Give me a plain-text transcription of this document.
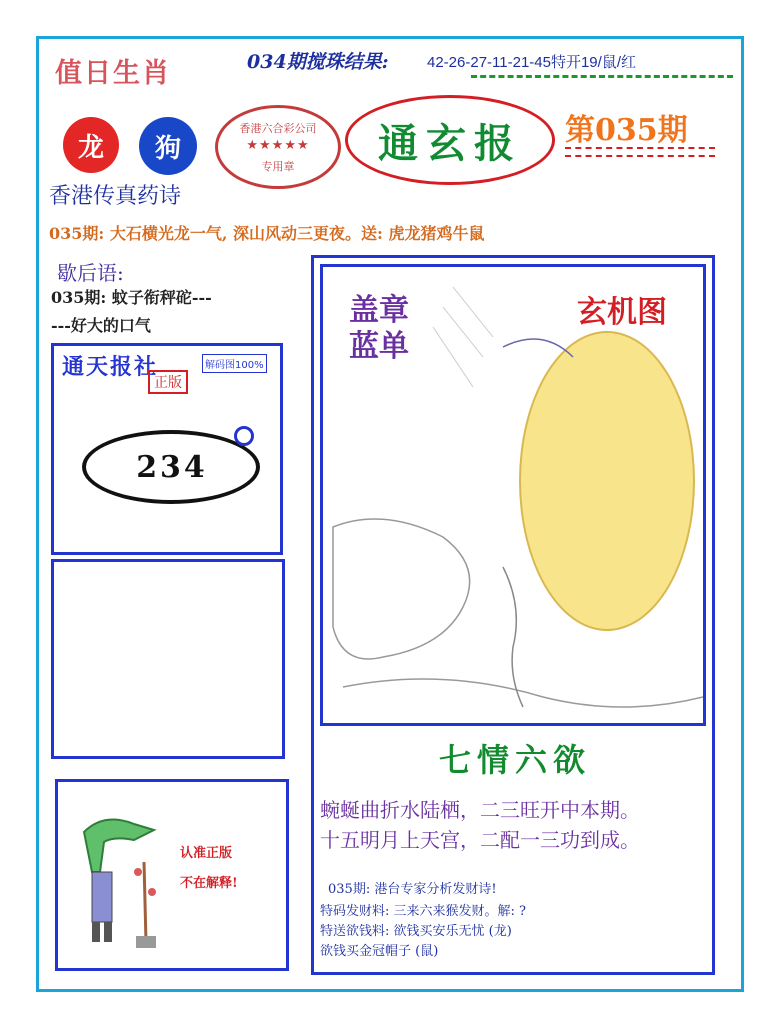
值日生肖	034期搅珠结果:	42-26-27-11-21-45特开19/鼠/红
龙	狗
香港六合彩公司
★★★★★
专用章	通玄报	第035期
香港传真药诗
035期: 大石横光龙一气, 深山风动三更夜。送: 虎龙猪鸡牛鼠
歇后语:
035期: 蚊子衔秤砣---
---好大的口气
通天报社	解码图100%
正版
234
认准正版
不在解释!
盖章
蓝单
玄机图
七情六欲
蜿蜒曲折水陆栖，二三旺开中本期。
十五明月上天宫，二配一三功到成。
035期: 港台专家分析发财诗!
特码发财料: 三来六来猴发财。解: ?
特送欲钱料: 欲钱买安乐无忧 (龙)
欲钱买金冠帽子 (鼠)
